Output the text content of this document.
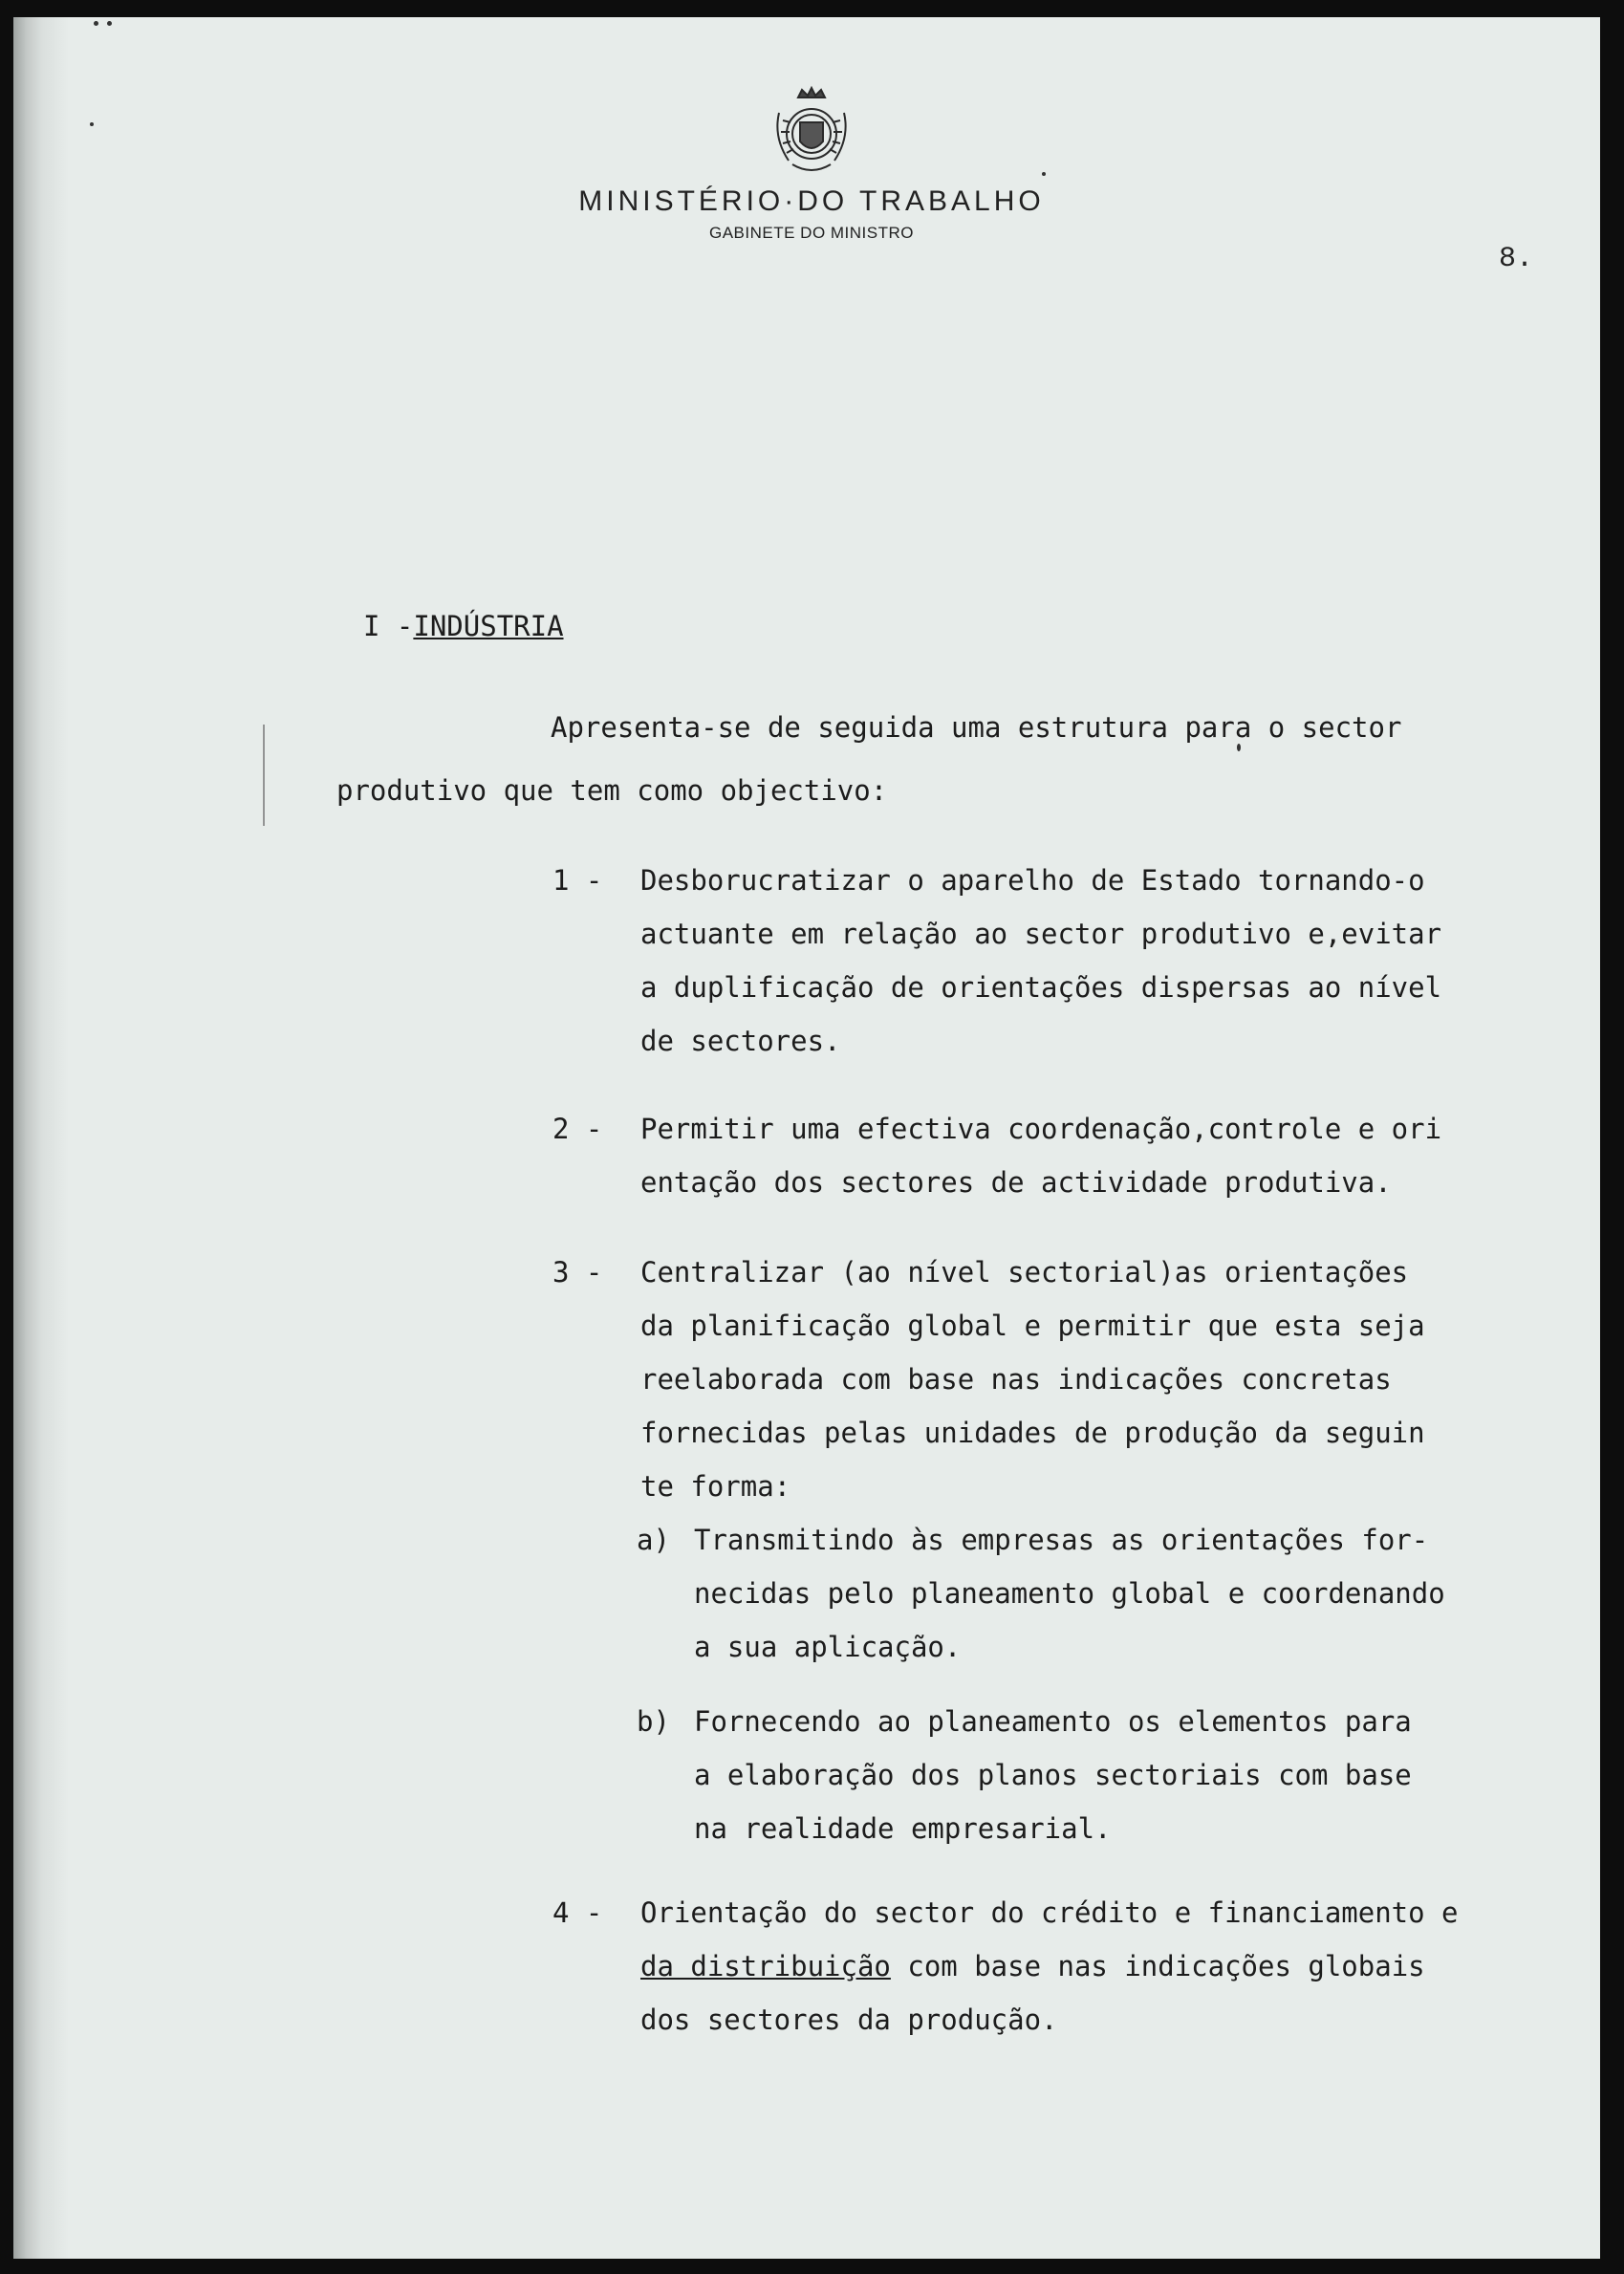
MINISTÉRIO·DO TRABALHO
GABINETE DO MINISTRO
8.
I -INDÚSTRIA
Apresenta-se de seguida uma estrutura para o sector
produtivo que tem como objectivo:
1 - Desborucratizar o aparelho de Estado tornando-o
actuante em relação ao sector produtivo e,evitar
a duplificação de orientações dispersas ao nível
de sectores.
2 - Permitir uma efectiva coordenação,controle e ori
entação dos sectores de actividade produtiva.
3 - Centralizar (ao nível sectorial)as orientações
da planificação global e permitir que esta seja
reelaborada com base nas indicações concretas
fornecidas pelas unidades de produção da seguin
te forma:
a) Transmitindo às empresas as orientações for-
necidas pelo planeamento global e coordenando
a sua aplicação.
b) Fornecendo ao planeamento os elementos para
a elaboração dos planos sectoriais com base
na realidade empresarial.
4 - Orientação do sector do crédito e financiamento e
da distribuição com base nas indicações globais
dos sectores da produção.
